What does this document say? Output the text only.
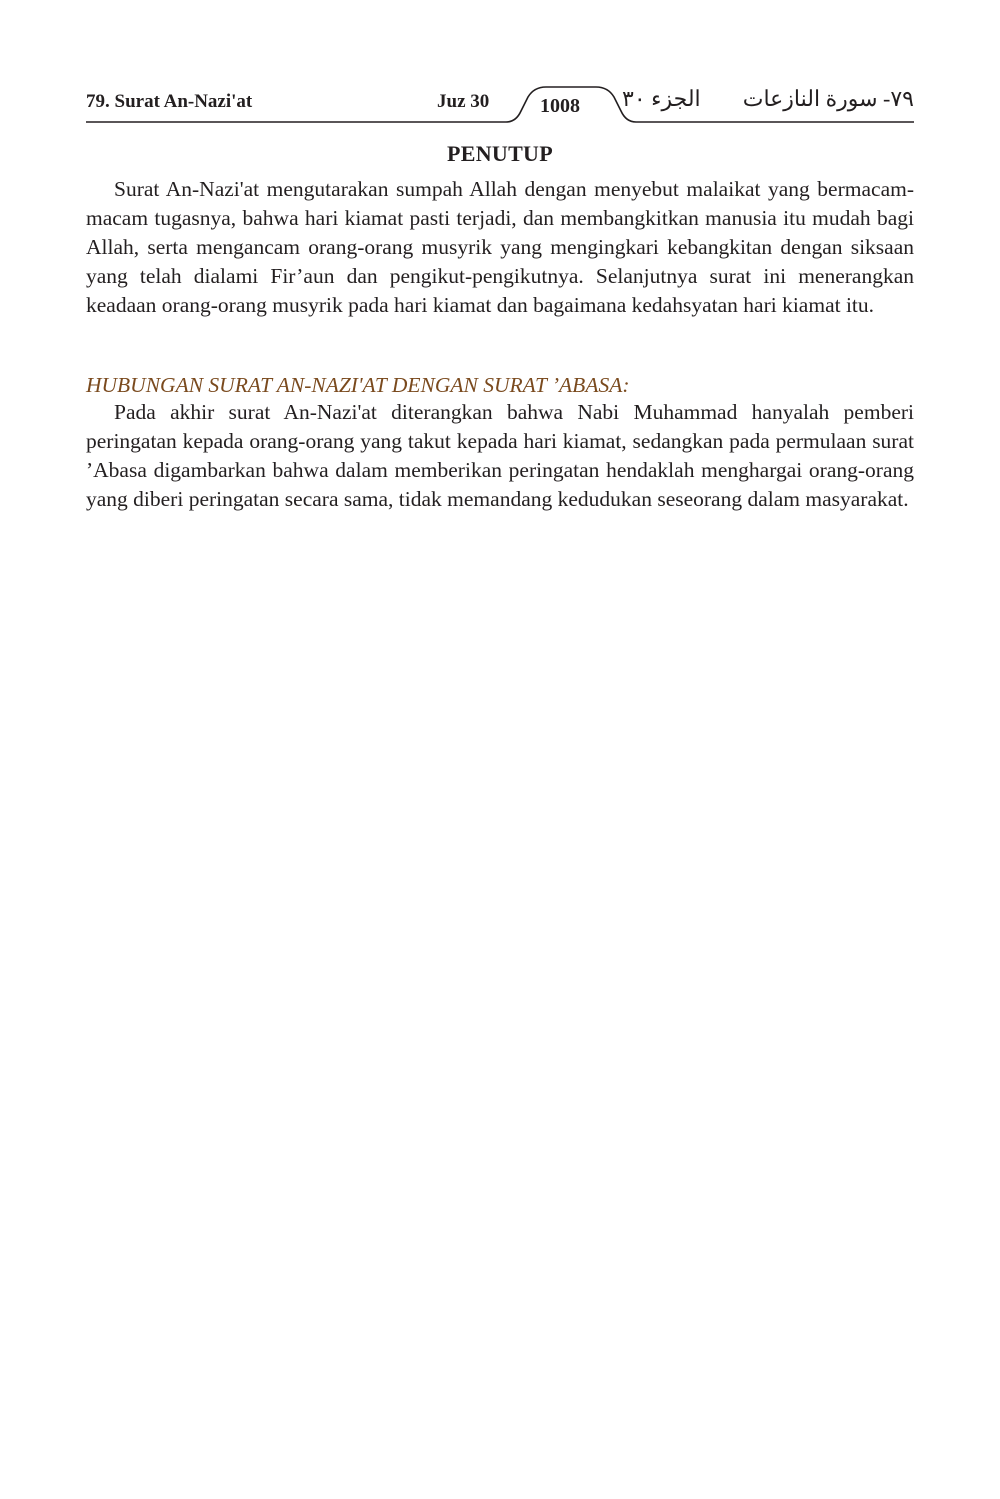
79. Surat An-Nazi'at	Juz 30	1008 الجزء ٣٠ ٧٩- سورة النازعات
PENUTUP

Surat An-Nazi'at mengutarakan sumpah Allah dengan menyebut malaikat yang bermacam-macam tugasnya, bahwa hari kiamat pasti terjadi, dan membangkitkan manusia itu mudah bagi Allah, serta mengancam orang-orang musyrik yang mengingkari kebangkitan dengan siksaan yang telah dialami Fir’aun dan pengikut-pengikutnya. Selanjutnya surat ini menerangkan keadaan orang-orang musyrik pada hari kiamat dan bagaimana kedahsyatan hari kiamat itu.

HUBUNGAN SURAT AN-NAZI'AT DENGAN SURAT ’ABASA:

Pada akhir surat An-Nazi'at diterangkan bahwa Nabi Muhammad hanyalah pemberi peringatan kepada orang-orang yang takut kepada hari kiamat, sedangkan pada permulaan surat ’Abasa digambarkan bahwa dalam memberikan peringatan hendaklah menghargai orang-orang yang diberi peringatan secara sama, tidak memandang kedudukan seseorang dalam masyarakat.
